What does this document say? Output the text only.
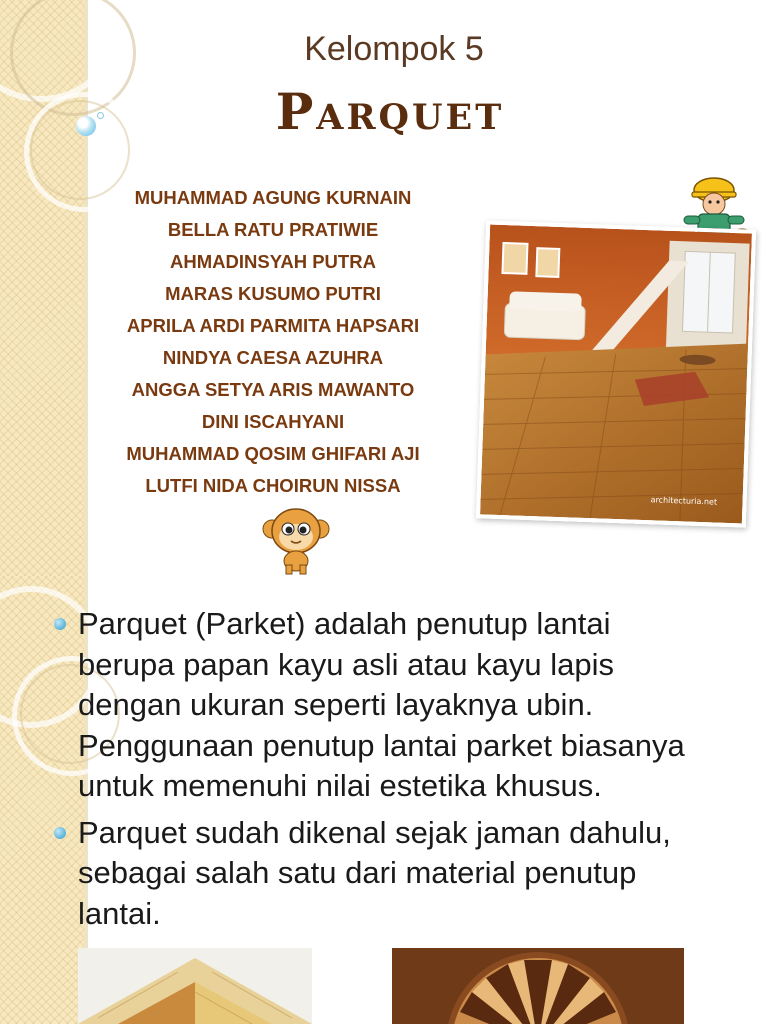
Kelompok 5
Parquet
MUHAMMAD AGUNG KURNAIN
BELLA RATU PRATIWIE
AHMADINSYAH PUTRA
MARAS KUSUMO PUTRI
APRILA ARDI PARMITA HAPSARI
NINDYA CAESA AZUHRA
ANGGA SETYA ARIS MAWANTO
DINI ISCAHYANI
MUHAMMAD QOSIM GHIFARI AJI
LUTFI NIDA CHOIRUN NISSA
architecturia.net
Parquet (Parket) adalah penutup lantai berupa papan kayu asli atau kayu lapis dengan ukuran seperti layaknya ubin. Penggunaan penutup lantai parket biasanya untuk memenuhi nilai estetika khusus.
Parquet sudah dikenal sejak jaman dahulu, sebagai salah satu dari material penutup lantai.
